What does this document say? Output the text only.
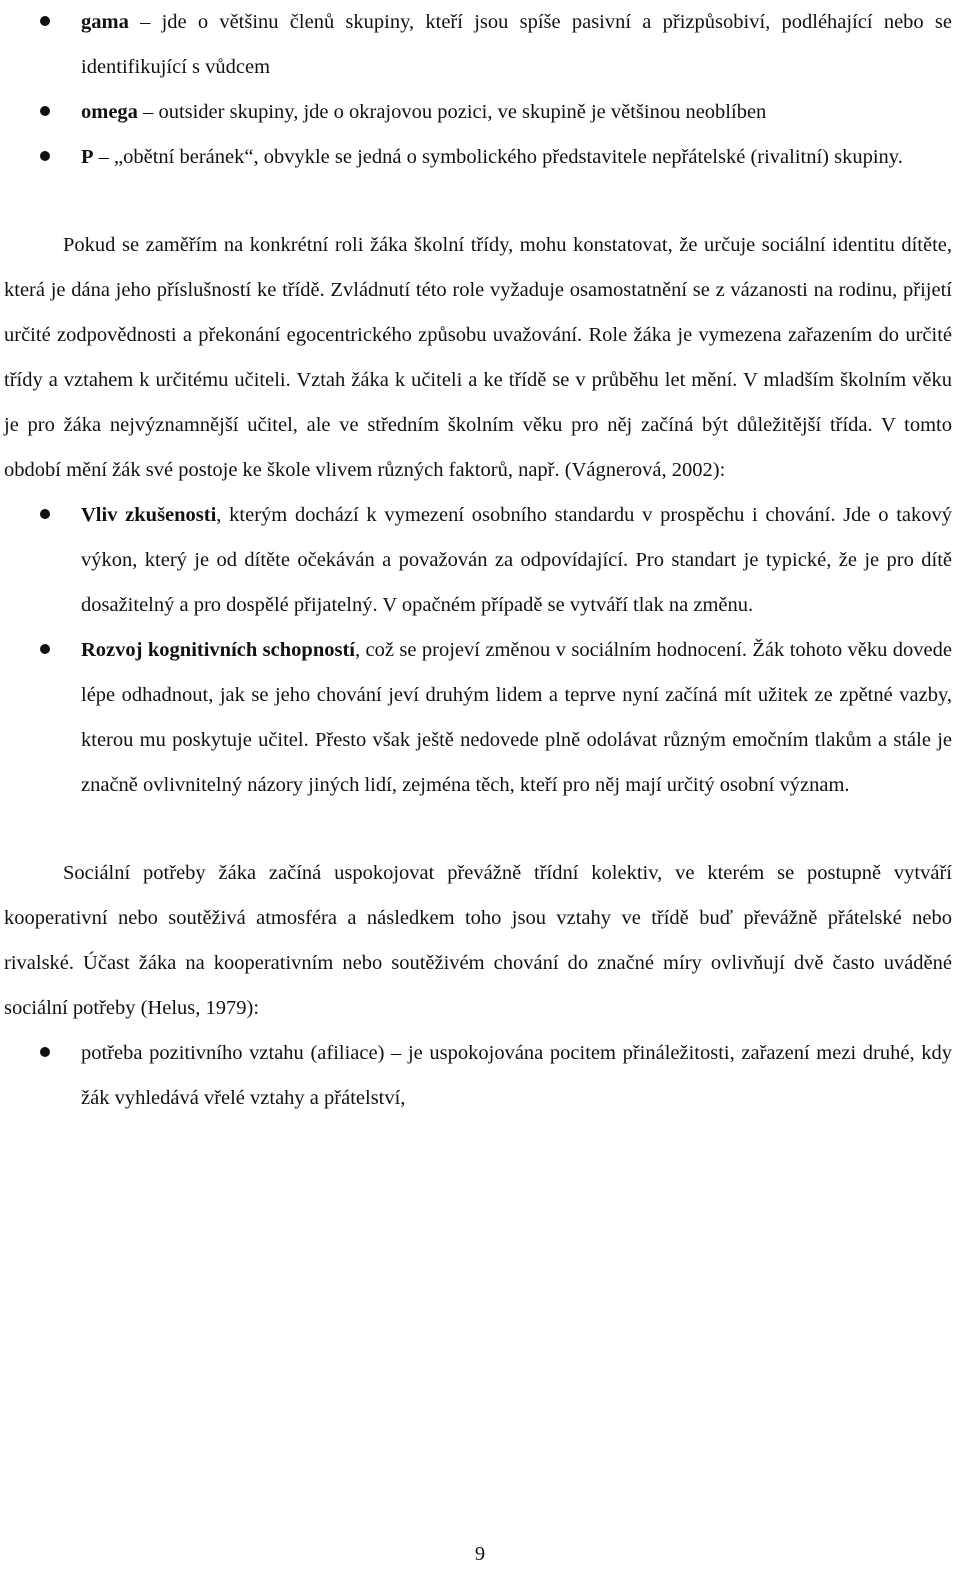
gama – jde o většinu členů skupiny, kteří jsou spíše pasivní a přizpůsobiví, podléhající nebo se identifikující s vůdcem
omega – outsider skupiny, jde o okrajovou pozici, ve skupině je většinou neoblíben
P – „obětní beránek“, obvykle se jedná o symbolického představitele nepřátelské (rivalitní) skupiny.

Pokud se zaměřím na konkrétní roli žáka školní třídy, mohu konstatovat, že určuje sociální identitu dítěte, která je dána jeho příslušností ke třídě. Zvládnutí této role vyžaduje osamostatnění se z vázanosti na rodinu, přijetí určité zodpovědnosti a překonání egocentrického způsobu uvažování. Role žáka je vymezena zařazením do určité třídy a vztahem k určitému učiteli. Vztah žáka k učiteli a ke třídě se v průběhu let mění. V mladším školním věku je pro žáka nejvýznamnější učitel, ale ve středním školním věku pro něj začíná být důležitější třída. V tomto období mění žák své postoje ke škole vlivem různých faktorů, např. (Vágnerová, 2002):

Vliv zkušenosti, kterým dochází k vymezení osobního standardu v prospěchu i chování. Jde o takový výkon, který je od dítěte očekáván a považován za odpovídající. Pro standart je typické, že je pro dítě dosažitelný a pro dospělé přijatelný. V opačném případě se vytváří tlak na změnu.
Rozvoj kognitivních schopností, což se projeví změnou v sociálním hodnocení. Žák tohoto věku dovede lépe odhadnout, jak se jeho chování jeví druhým lidem a teprve nyní začíná mít užitek ze zpětné vazby, kterou mu poskytuje učitel. Přesto však ještě nedovede plně odolávat různým emočním tlakům a stále je značně ovlivnitelný názory jiných lidí, zejména těch, kteří pro něj mají určitý osobní význam.

Sociální potřeby žáka začíná uspokojovat převážně třídní kolektiv, ve kterém se postupně vytváří kooperativní nebo soutěživá atmosféra a následkem toho jsou vztahy ve třídě buď převážně přátelské nebo rivalské. Účast žáka na kooperativním nebo soutěživém chování do značné míry ovlivňují dvě často uváděné sociální potřeby (Helus, 1979):

potřeba pozitivního vztahu (afiliace) – je uspokojována pocitem přináležitosti, zařazení mezi druhé, kdy žák vyhledává vřelé vztahy a přátelství,
9
